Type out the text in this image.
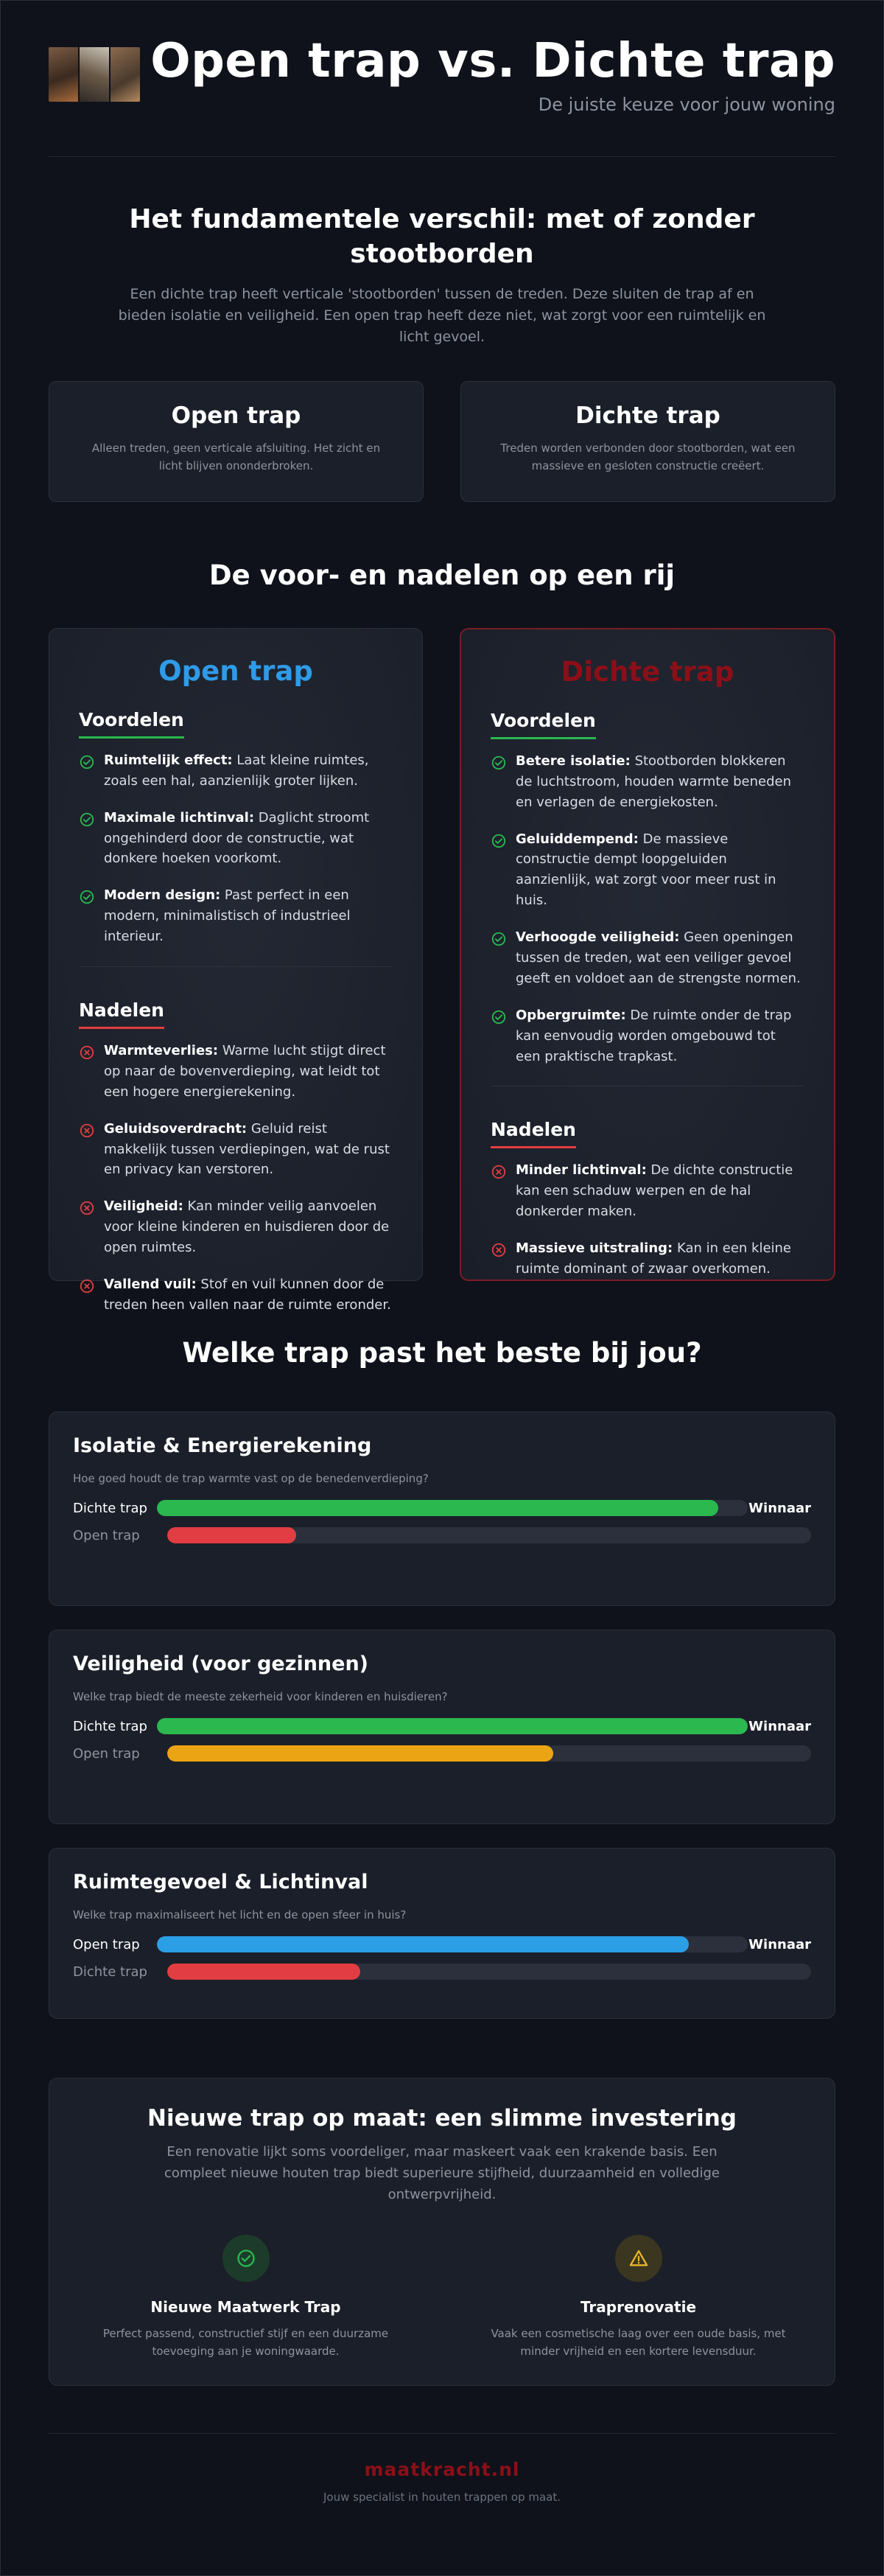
Open trap vs. Dichte trap
De juiste keuze voor jouw woning
Het fundamentele verschil: met of zonder stootborden

Een dichte trap heeft verticale 'stootborden' tussen de treden. Deze sluiten de trap af en bieden isolatie en veiligheid. Een open trap heeft deze niet, wat zorgt voor een ruimtelijk en licht gevoel.

Open trap

Alleen treden, geen verticale afsluiting. Het zicht en licht blijven ononderbroken.

Dichte trap

Treden worden verbonden door stootborden, wat een massieve en gesloten constructie creëert.

De voor- en nadelen op een rij
Open trap
Voordelen
Ruimtelijk effect: Laat kleine ruimtes, zoals een hal, aanzienlijk groter lijken.
Maximale lichtinval: Daglicht stroomt ongehinderd door de constructie, wat donkere hoeken voorkomt.
Modern design: Past perfect in een modern, minimalistisch of industrieel interieur.
Nadelen
Warmteverlies: Warme lucht stijgt direct op naar de bovenverdieping, wat leidt tot een hogere energierekening.
Geluidsoverdracht: Geluid reist makkelijk tussen verdiepingen, wat de rust en privacy kan verstoren.
Veiligheid: Kan minder veilig aanvoelen voor kleine kinderen en huisdieren door de open ruimtes.
Vallend vuil: Stof en vuil kunnen door de treden heen vallen naar de ruimte eronder.
Dichte trap
Voordelen
Betere isolatie: Stootborden blokkeren de luchtstroom, houden warmte beneden en verlagen de energiekosten.
Geluiddempend: De massieve constructie dempt loopgeluiden aanzienlijk, wat zorgt voor meer rust in huis.
Verhoogde veiligheid: Geen openingen tussen de treden, wat een veiliger gevoel geeft en voldoet aan de strengste normen.
Opbergruimte: De ruimte onder de trap kan eenvoudig worden omgebouwd tot een praktische trapkast.
Nadelen
Minder lichtinval: De dichte constructie kan een schaduw werpen en de hal donkerder maken.
Massieve uitstraling: Kan in een kleine ruimte dominant of zwaar overkomen.
Welke trap past het beste bij jou?
Isolatie & Energierekening
Hoe goed houdt de trap warmte vast op de benedenverdieping?
Dichte trap	Winnaar
Open trap
Veiligheid (voor gezinnen)
Welke trap biedt de meeste zekerheid voor kinderen en huisdieren?
Dichte trap	Winnaar
Open trap
Ruimtegevoel & Lichtinval
Welke trap maximaliseert het licht en de open sfeer in huis?
Open trap	Winnaar
Dichte trap
Nieuwe trap op maat: een slimme investering

Een renovatie lijkt soms voordeliger, maar maskeert vaak een krakende basis. Een compleet nieuwe houten trap biedt superieure stijfheid, duurzaamheid en volledige ontwerpvrijheid.

Nieuwe Maatwerk Trap

Perfect passend, constructief stijf en een duurzame toevoeging aan je woningwaarde.

Traprenovatie

Vaak een cosmetische laag over een oude basis, met minder vrijheid en een kortere levensduur.

maatkracht.nl
Jouw specialist in houten trappen op maat.
